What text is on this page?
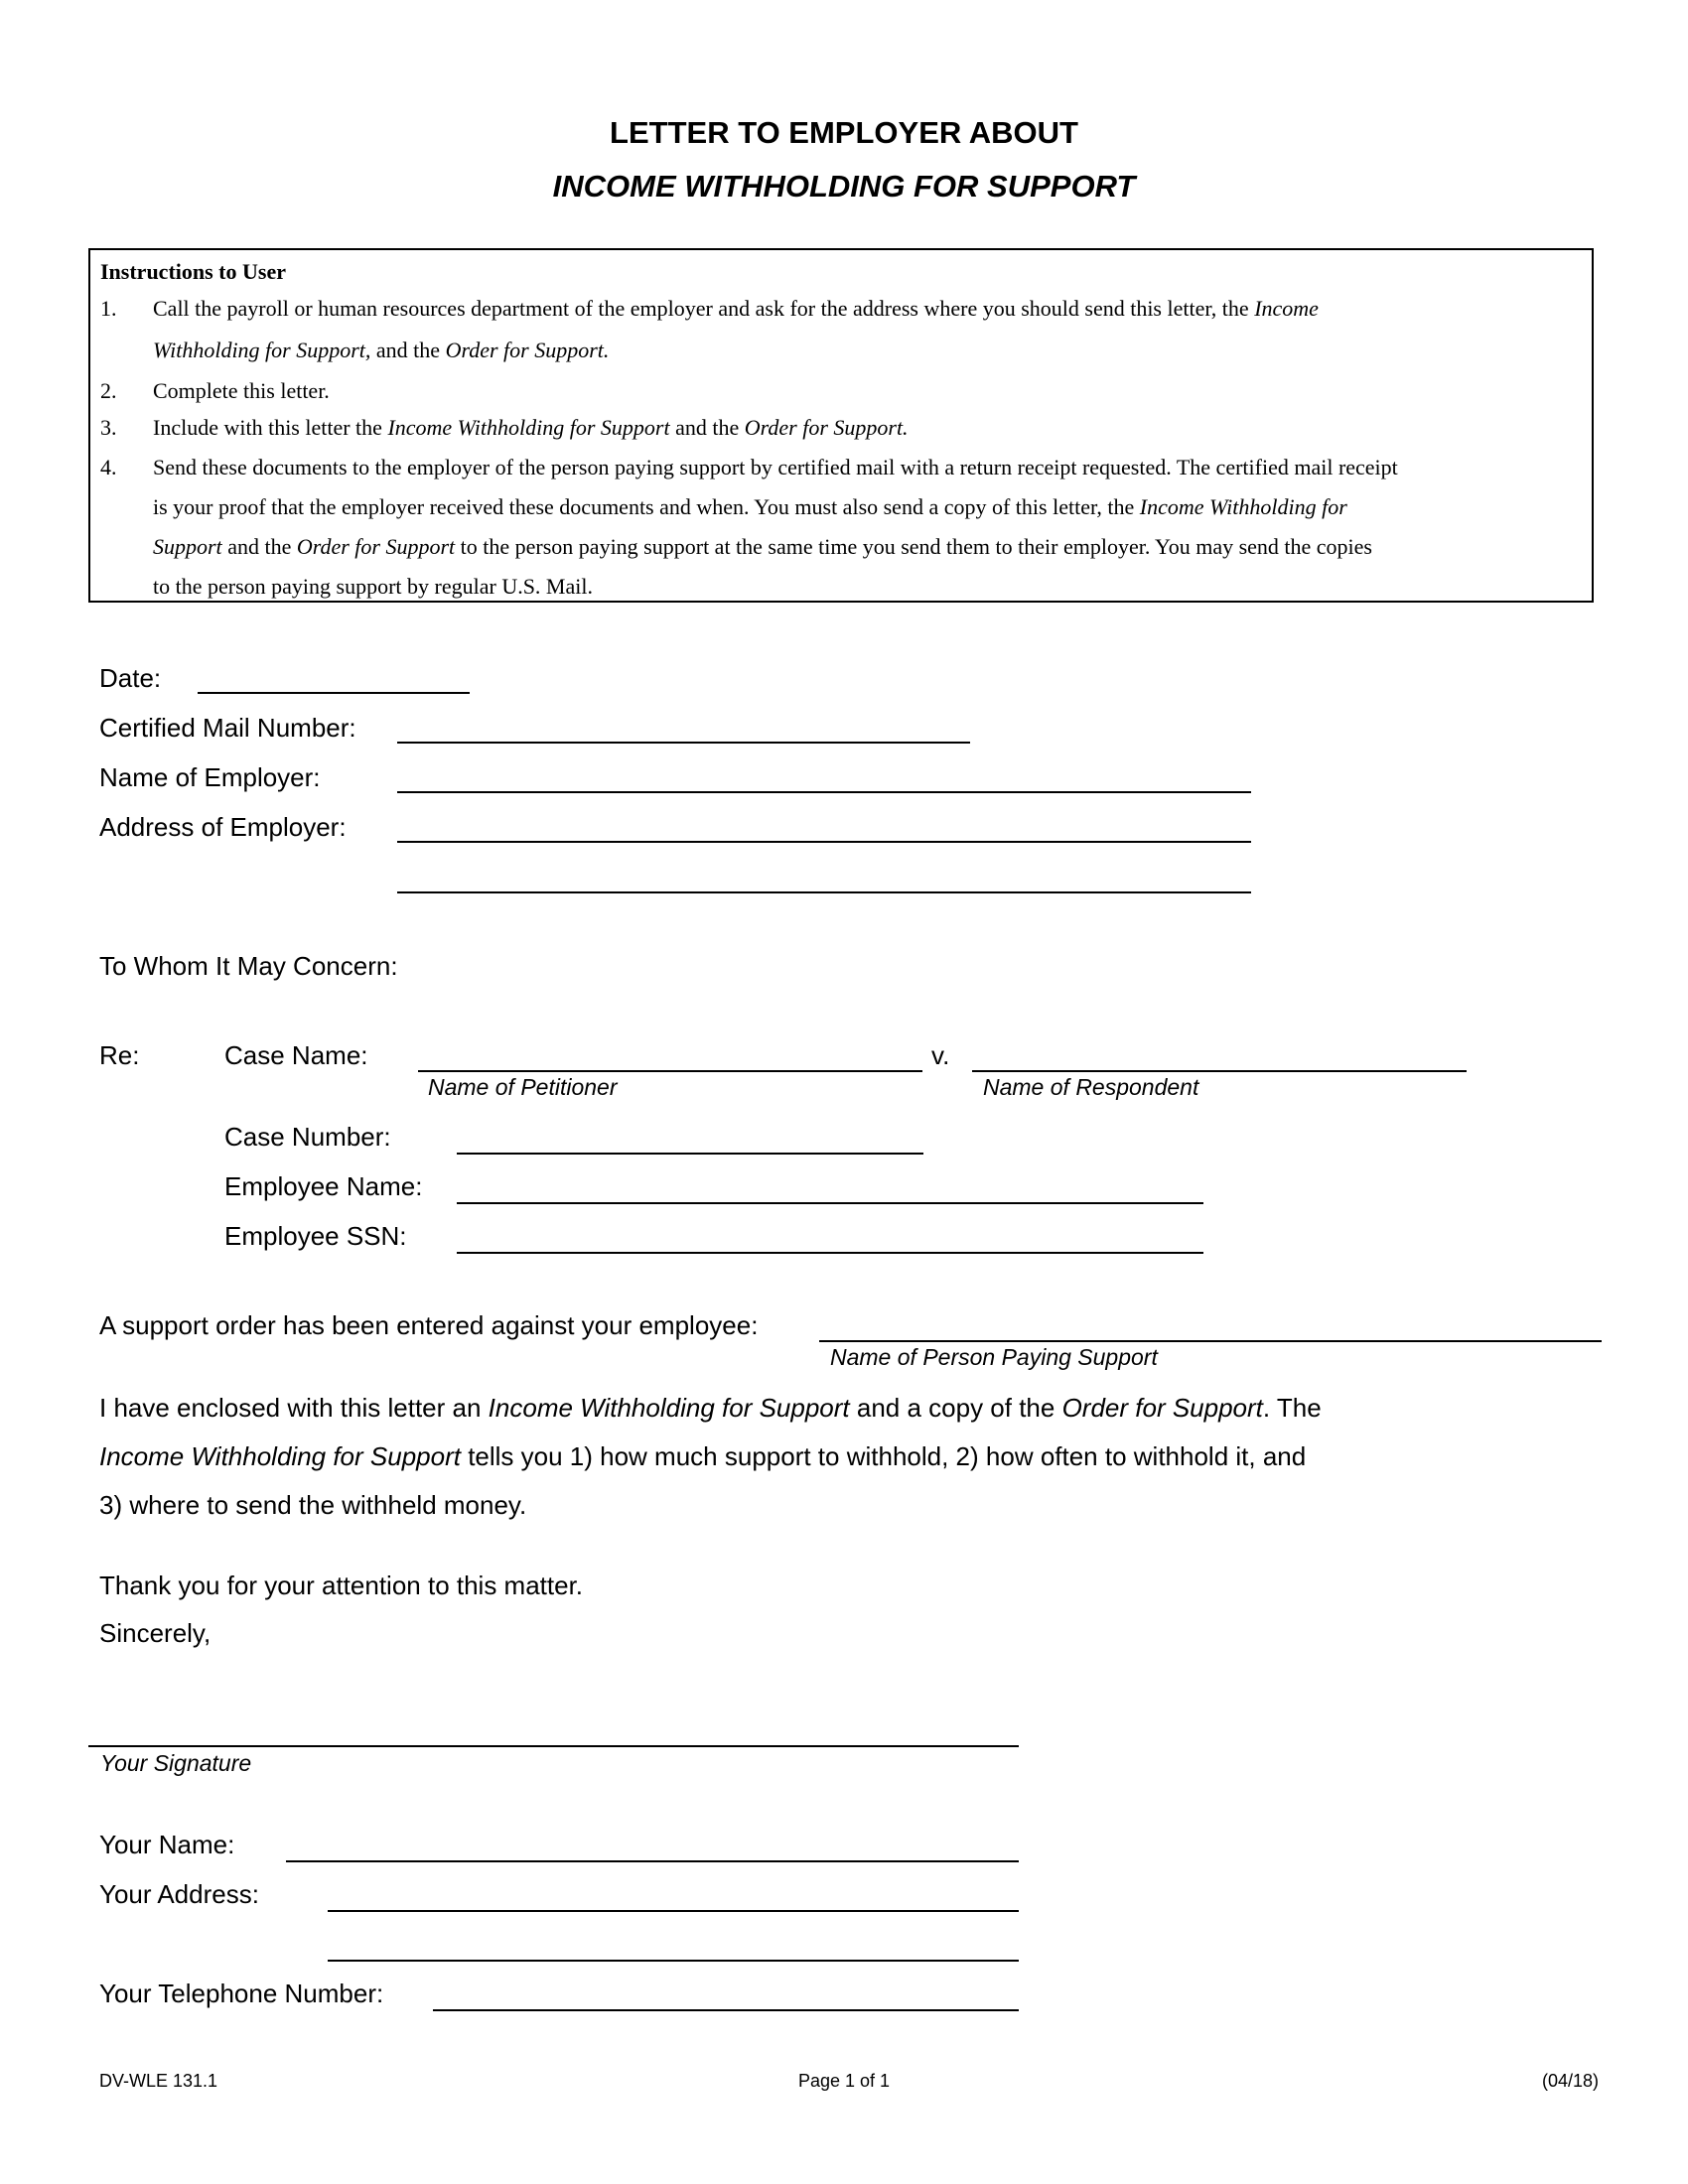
LETTER TO EMPLOYER ABOUT
INCOME WITHHOLDING FOR SUPPORT
Instructions to User
1. Call the payroll or human resources department of the employer and ask for the address where you should send this letter, the Income
Withholding for Support, and the Order for Support.
2. Complete this letter.
3. Include with this letter the Income Withholding for Support and the Order for Support.
4. Send these documents to the employer of the person paying support by certified mail with a return receipt requested. The certified mail receipt
is your proof that the employer received these documents and when. You must also send a copy of this letter, the Income Withholding for
Support and the Order for Support to the person paying support at the same time you send them to their employer. You may send the copies
to the person paying support by regular U.S. Mail.
Date:
Certified Mail Number:
Name of Employer:
Address of Employer:
To Whom It May Concern:
Re:	Case Name:	v.
Name of Petitioner	Name of Respondent
Case Number:
Employee Name:
Employee SSN:
A support order has been entered against your employee:
Name of Person Paying Support
I have enclosed with this letter an Income Withholding for Support and a copy of the Order for Support. The
Income Withholding for Support tells you 1) how much support to withhold, 2) how often to withhold it, and
3) where to send the withheld money.
Thank you for your attention to this matter.
Sincerely,
Your Signature
Your Name:
Your Address:
Your Telephone Number:
DV-WLE 131.1	Page 1 of 1	(04/18)
